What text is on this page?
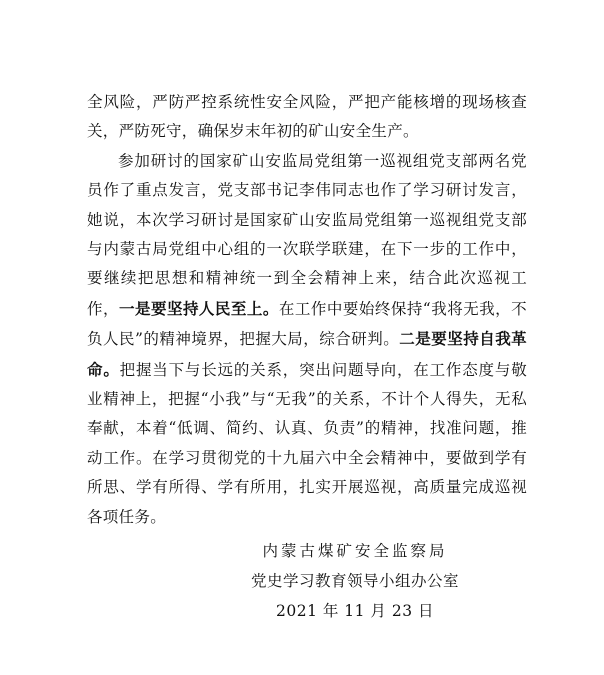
全风险，严防严控系统性安全风险，严把产能核增的现场核查关，严防死守，确保岁末年初的矿山安全生产。

参加研讨的国家矿山安监局党组第一巡视组党支部两名党员作了重点发言，党支部书记李伟同志也作了学习研讨发言，她说，本次学习研讨是国家矿山安监局党组第一巡视组党支部与内蒙古局党组中心组的一次联学联建，在下一步的工作中，要继续把思想和精神统一到全会精神上来，结合此次巡视工作，一是要坚持人民至上。在工作中要始终保持“我将无我，不负人民”的精神境界，把握大局，综合研判。二是要坚持自我革命。把握当下与长远的关系，突出问题导向，在工作态度与敬业精神上，把握“小我”与“无我”的关系，不计个人得失，无私奉献，本着“低调、简约、认真、负责”的精神，找准问题，推动工作。在学习贯彻党的十九届六中全会精神中，要做到学有所思、学有所得、学有所用，扎实开展巡视，高质量完成巡视各项任务。

内蒙古煤矿安全监察局
党史学习教育领导小组办公室
2021 年 11 月 23 日
